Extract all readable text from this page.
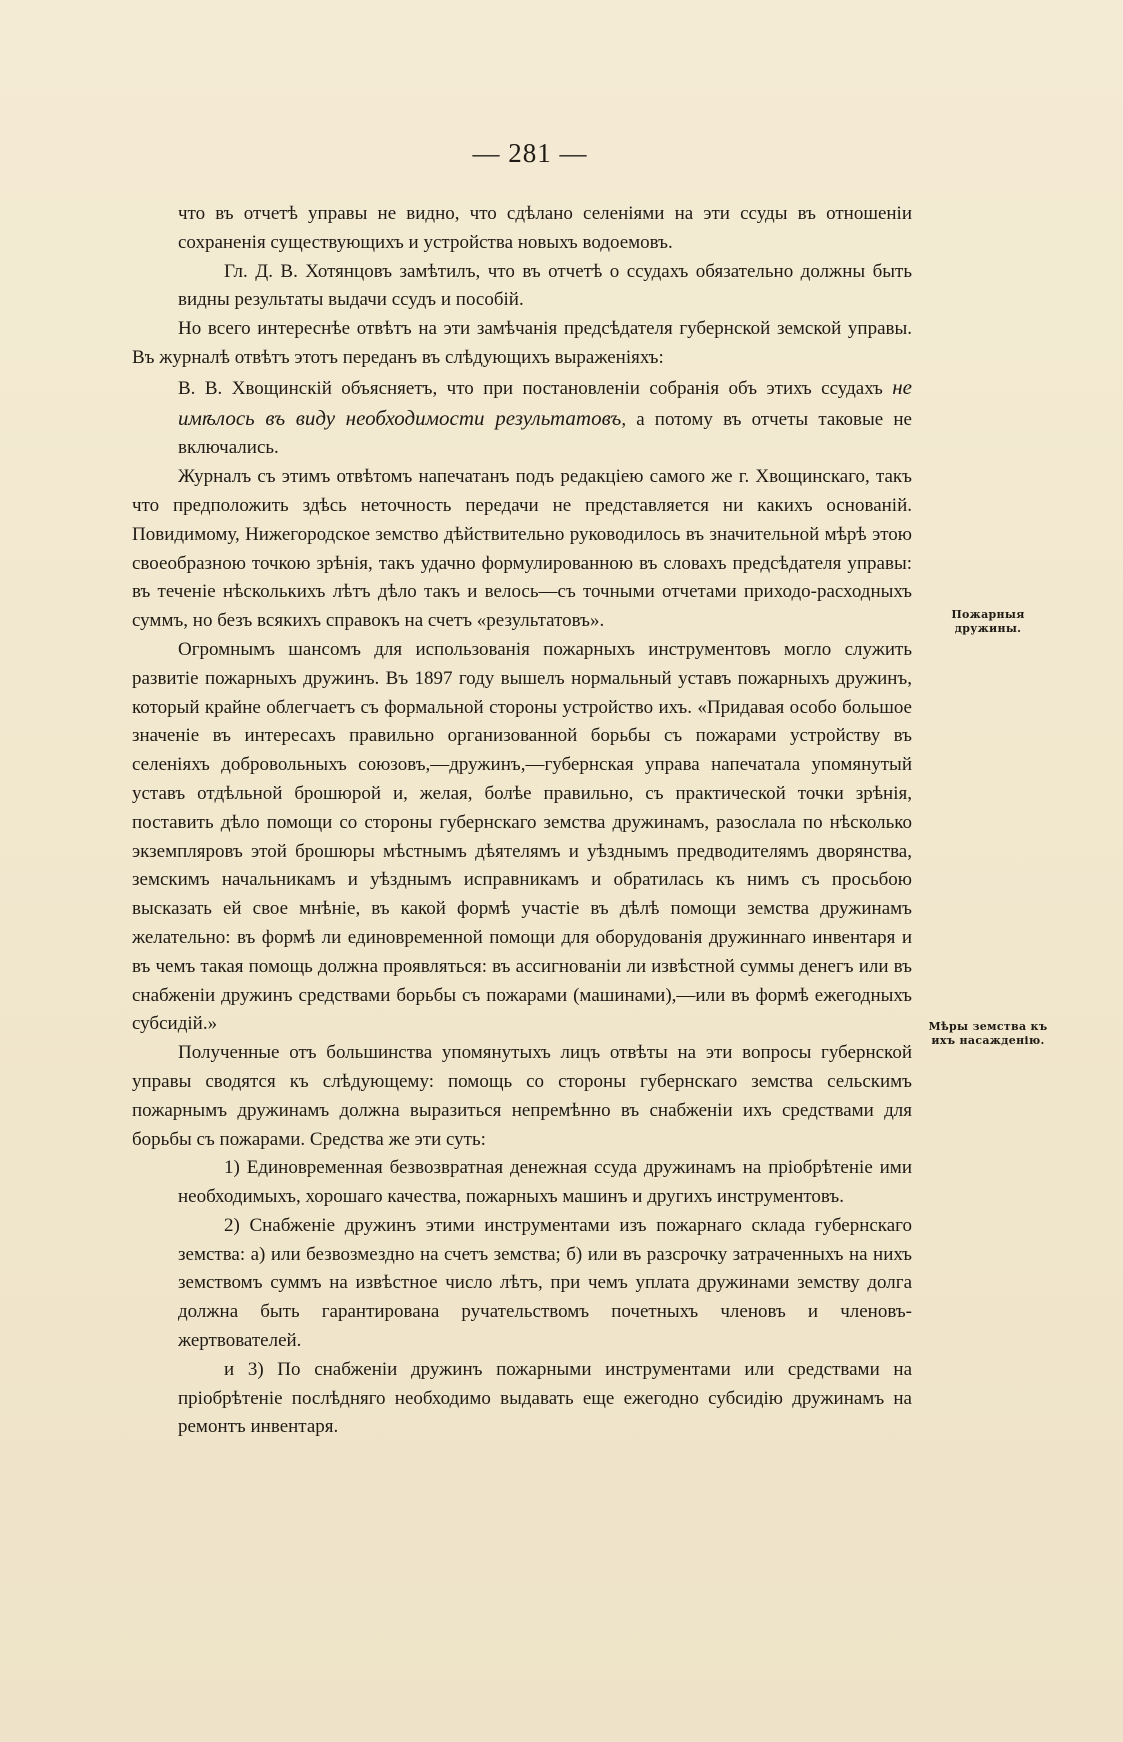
— 281 —

что въ отчетѣ управы не видно, что сдѣлано селеніями на эти ссуды въ отношеніи сохраненія существующихъ и устройства новыхъ водоемовъ.

Гл. Д. В. Хотянцовъ замѣтилъ, что въ отчетѣ о ссудахъ обязательно должны быть видны результаты выдачи ссудъ и пособій.

Но всего интереснѣе отвѣтъ на эти замѣчанія предсѣдателя губернской земской управы. Въ журналѣ отвѣтъ этотъ переданъ въ слѣдующихъ выраженіяхъ:

В. В. Хвощинскій объясняетъ, что при постановленіи собранія объ этихъ ссудахъ не имѣлось въ виду необходимости результатовъ, а потому въ отчеты таковые не включались.

Журналъ съ этимъ отвѣтомъ напечатанъ подъ редакціею самого же г. Хвощинскаго, такъ что предположить здѣсь неточность передачи не представляется ни какихъ основаній. Повидимому, Нижегородское земство дѣйствительно руководилось въ значительной мѣрѣ этою своеобразною точкою зрѣнія, такъ удачно формулированною въ словахъ предсѣдателя управы: въ теченіе нѣсколькихъ лѣтъ дѣло такъ и велось—съ точными отчетами приходо-расходныхъ суммъ, но безъ всякихъ справокъ на счетъ «результатовъ».

Огромнымъ шансомъ для использованія пожарныхъ инструментовъ могло служить развитіе пожарныхъ дружинъ. Въ 1897 году вышелъ нормальный уставъ пожарныхъ дружинъ, который крайне облегчаетъ съ формальной стороны устройство ихъ. «Придавая особо большое значеніе въ интересахъ правильно организованной борьбы съ пожарами устройству въ селеніяхъ добровольныхъ союзовъ,—дружинъ,—губернская управа напечатала упомянутый уставъ отдѣльной брошюрой и, желая, болѣе правильно, съ практической точки зрѣнія, поставить дѣло помощи со стороны губернскаго земства дружинамъ, разослала по нѣсколько экземпляровъ этой брошюры мѣстнымъ дѣятелямъ и уѣзднымъ предводителямъ дворянства, земскимъ начальникамъ и уѣзднымъ исправникамъ и обратилась къ нимъ съ просьбою высказать ей свое мнѣніе, въ какой формѣ участіе въ дѣлѣ помощи земства дружинамъ желательно: въ формѣ ли единовременной помощи для оборудованія дружиннаго инвентаря и въ чемъ такая помощь должна проявляться: въ ассигнованіи ли извѣстной суммы денегъ или въ снабженіи дружинъ средствами борьбы съ пожарами (машинами),—или въ формѣ ежегодныхъ субсидій.»

Полученные отъ большинства упомянутыхъ лицъ отвѣты на эти вопросы губернской управы сводятся къ слѣдующему: помощь со стороны губернскаго земства сельскимъ пожарнымъ дружинамъ должна выразиться непремѣнно въ снабженіи ихъ средствами для борьбы съ пожарами. Средства же эти суть:

1) Единовременная безвозвратная денежная ссуда дружинамъ на пріобрѣтеніе ими необходимыхъ, хорошаго качества, пожарныхъ машинъ и другихъ инструментовъ.

2) Снабженіе дружинъ этими инструментами изъ пожарнаго склада губернскаго земства: а) или безвозмездно на счетъ земства; б) или въ разсрочку затраченныхъ на нихъ земствомъ суммъ на извѣстное число лѣтъ, при чемъ уплата дружинами земству долга должна быть гарантирована ручательствомъ почетныхъ членовъ и членовъ-жертвователей.

и 3) По снабженіи дружинъ пожарными инструментами или средствами на пріобрѣтеніе послѣдняго необходимо выдавать еще ежегодно субсидію дружинамъ на ремонтъ инвентаря.

Пожарныя дружины.
Мѣры земства къ ихъ насажденію.
